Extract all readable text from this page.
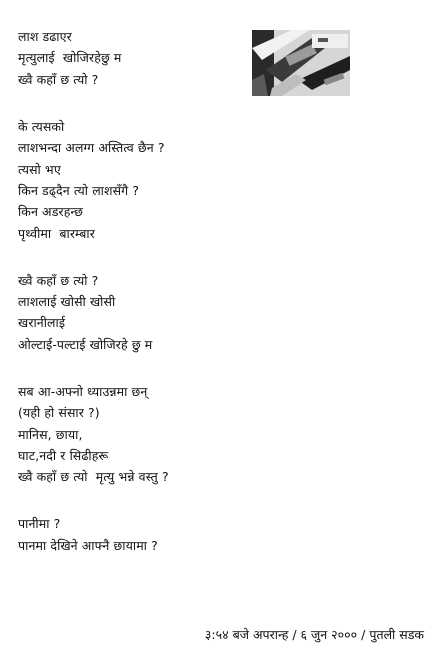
लाश डढाएर
मृत्युलाई  खोजिरहेछु म
ख्वै कहाँ छ त्यो ?
के त्यसको
लाशभन्दा अलग्ग अस्तित्व छैन ?
त्यसो भए
किन डढ्दैन त्यो लाशसँगै ?
किन अडरहन्छ
पृथ्वीमा  बारम्बार
ख्वै कहाँ छ त्यो ?
लाशलाई खोसी खोसी
खरानीलाई
ओल्टाई-पल्टाई खोजिरहे छु म
सब आ-अफ्नो ध्याउन्नमा छन्
(यही हो संसार ?)
मानिस, छाया,
घाट,नदी र सिढीहरू
ख्वै कहाँ छ त्यो  मृत्यु भन्ने वस्तु ?
पानीमा ?
पानमा देखिने आफ्नै छायामा ?
३:५४ बजे अपरान्ह / ६ जुन २००० / पुतली सडक
